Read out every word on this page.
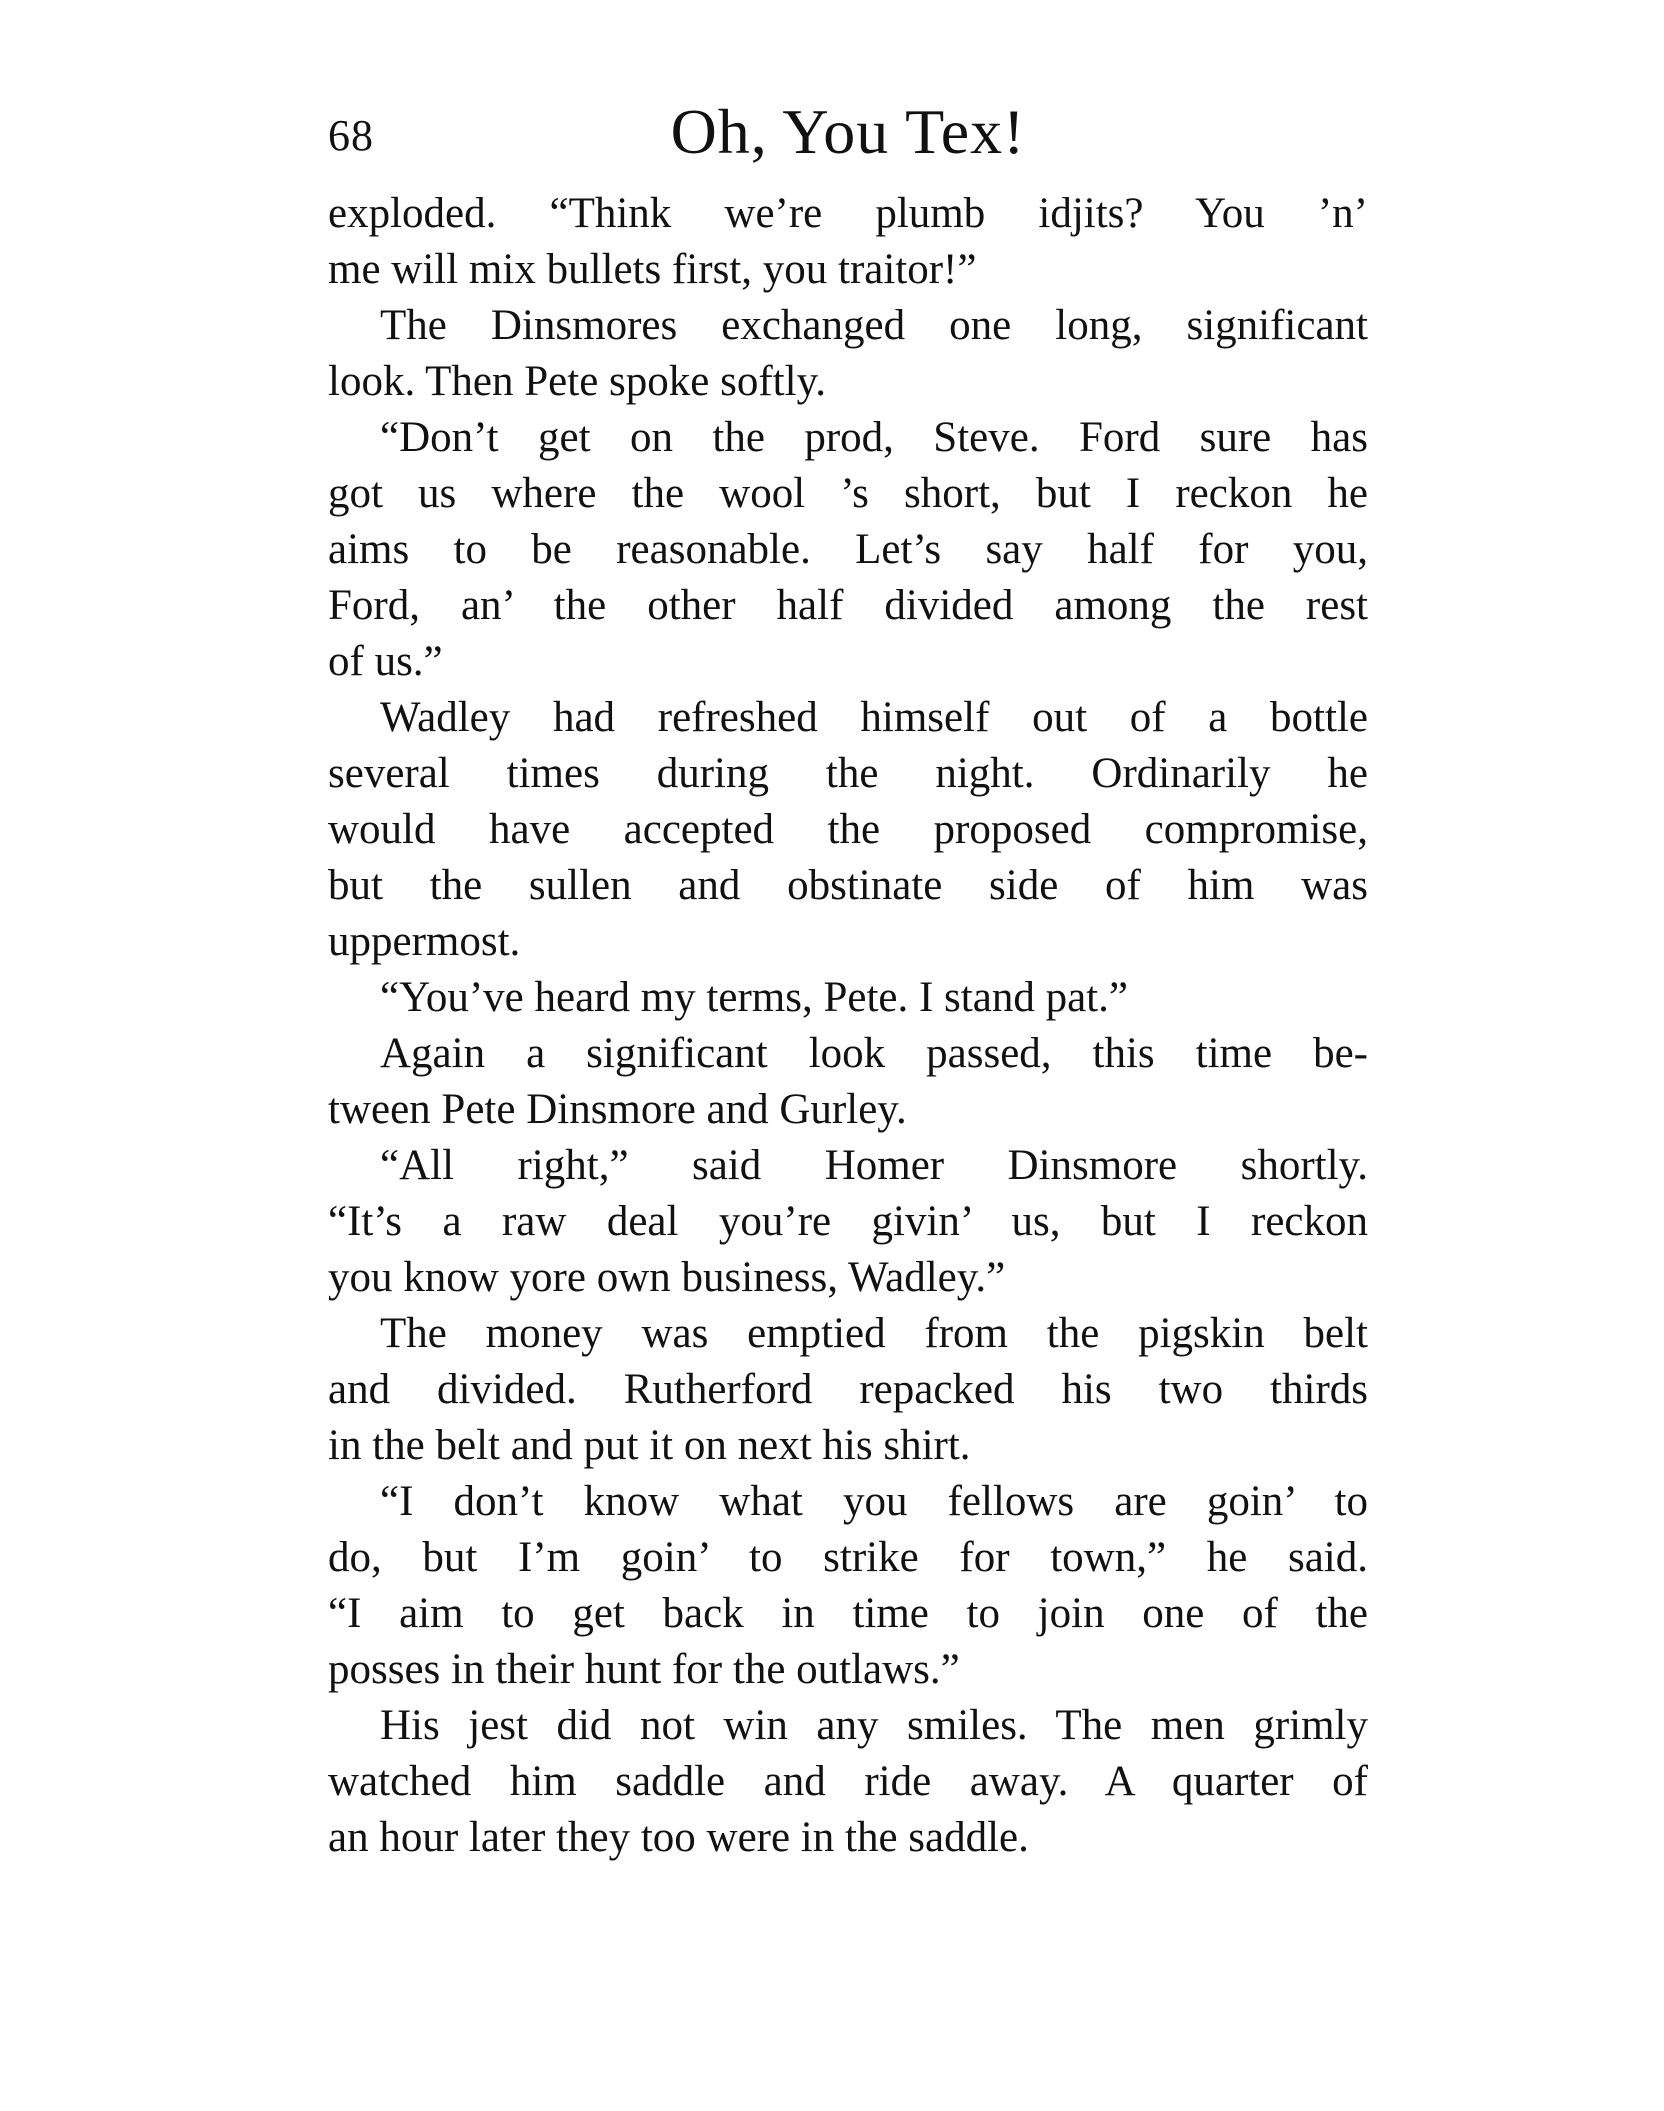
68	Oh, You Tex!
exploded. “Think we’re plumb idjits? You ’n’
me will mix bullets first, you traitor!”
The Dinsmores exchanged one long, significant
look. Then Pete spoke softly.
“Don’t get on the prod, Steve. Ford sure has
got us where the wool ’s short, but I reckon he
aims to be reasonable. Let’s say half for you,
Ford, an’ the other half divided among the rest
of us.”
Wadley had refreshed himself out of a bottle
several times during the night. Ordinarily he
would have accepted the proposed compromise,
but the sullen and obstinate side of him was
uppermost.
“You’ve heard my terms, Pete. I stand pat.”
Again a significant look passed, this time be-
tween Pete Dinsmore and Gurley.
“All right,” said Homer Dinsmore shortly.
“It’s a raw deal you’re givin’ us, but I reckon
you know yore own business, Wadley.”
The money was emptied from the pigskin belt
and divided. Rutherford repacked his two thirds
in the belt and put it on next his shirt.
“I don’t know what you fellows are goin’ to
do, but I’m goin’ to strike for town,” he said.
“I aim to get back in time to join one of the
posses in their hunt for the outlaws.”
His jest did not win any smiles. The men grimly
watched him saddle and ride away. A quarter of
an hour later they too were in the saddle.
